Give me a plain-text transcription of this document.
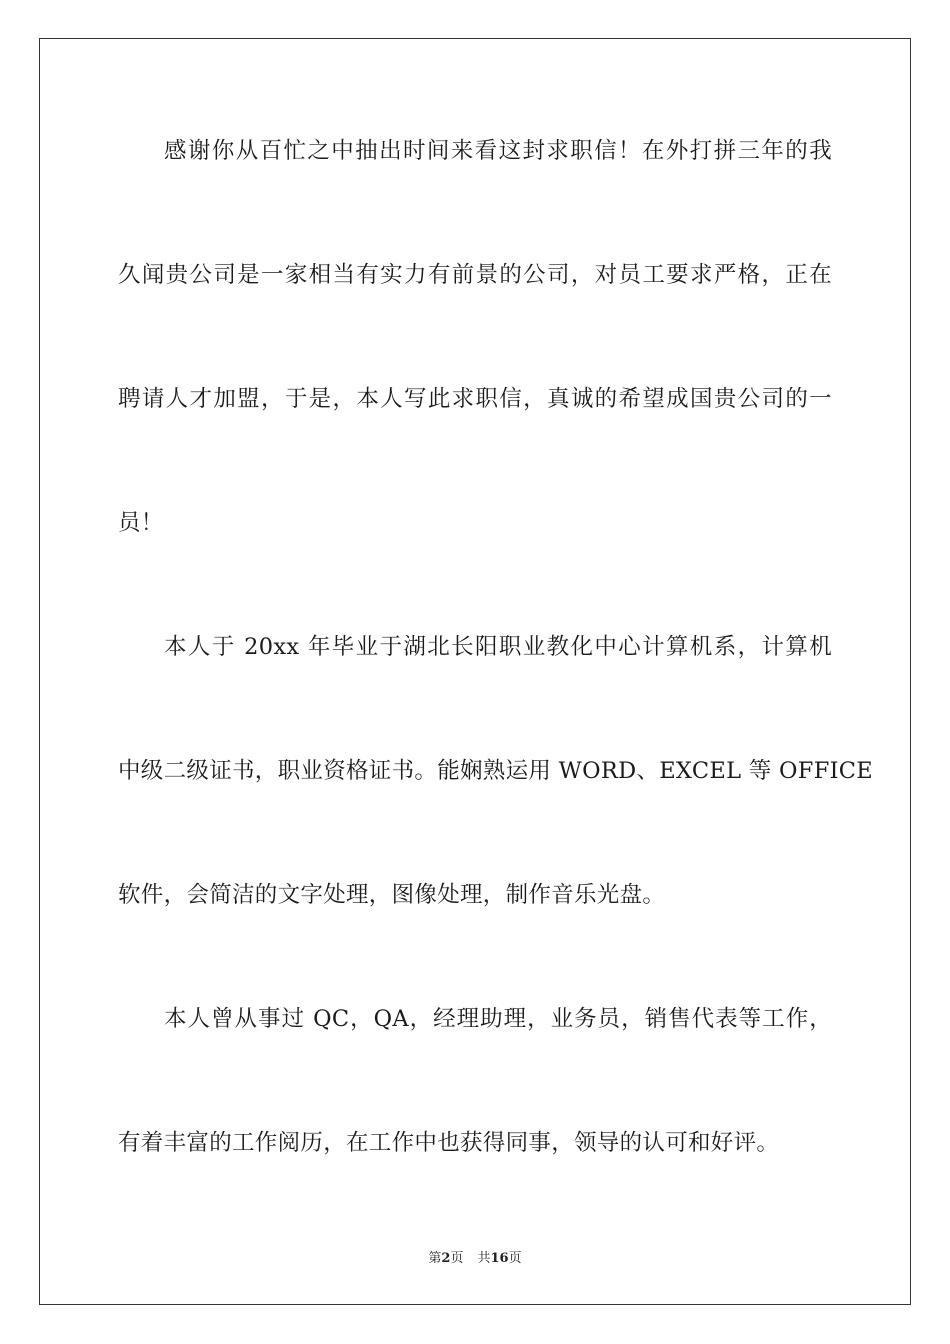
感谢你从百忙之中抽出时间来看这封求职信！在外打拼三年的我
久闻贵公司是一家相当有实力有前景的公司，对员工要求严格，正在
聘请人才加盟，于是，本人写此求职信，真诚的希望成国贵公司的一
员！
本人于 20xx 年毕业于湖北长阳职业教化中心计算机系，计算机
中级二级证书，职业资格证书。能娴熟运用 WORD、EXCEL 等 OFFICE
软件，会简洁的文字处理，图像处理，制作音乐光盘。
本人曾从事过 QC，QA，经理助理，业务员，销售代表等工作，
有着丰富的工作阅历，在工作中也获得同事，领导的认可和好评。
第2页 共16页
